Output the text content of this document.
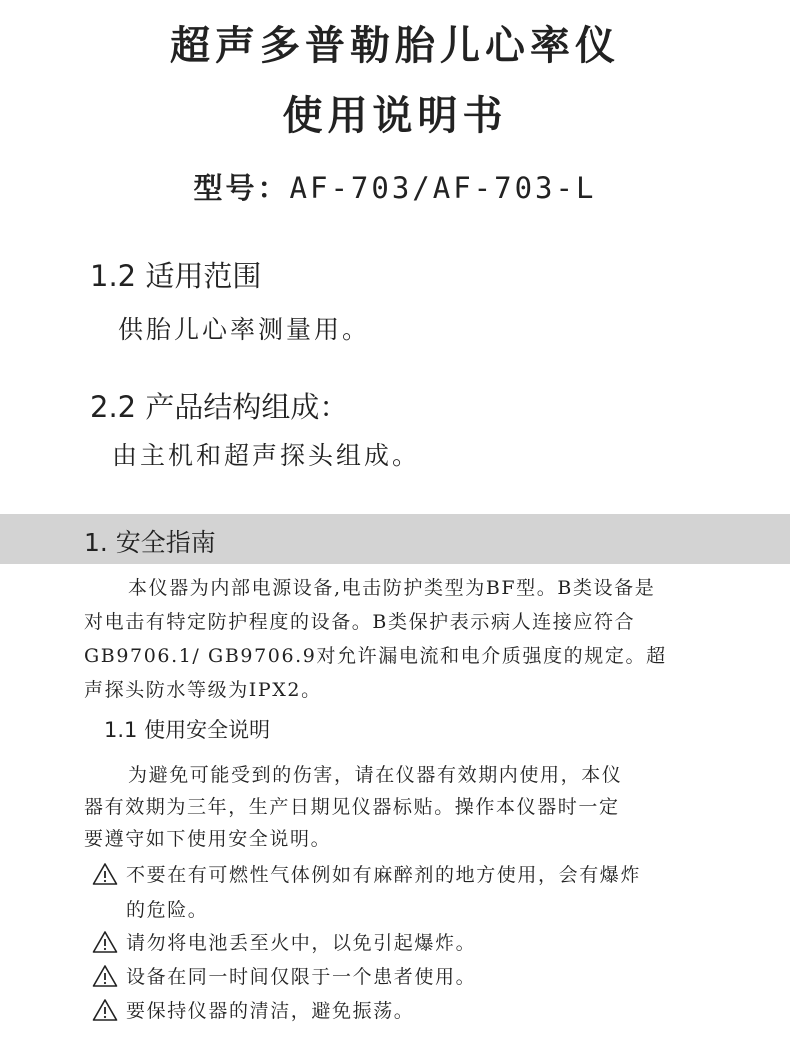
超声多普勒胎儿心率仪
使用说明书
型号：AF-703/AF-703-L
1.2 适用范围
供胎儿心率测量用。
2.2 产品结构组成：
由主机和超声探头组成。
1. 安全指南
本仪器为内部电源设备,电击防护类型为BF型。B类设备是
对电击有特定防护程度的设备。B类保护表示病人连接应符合
GB9706.1/ GB9706.9对允许漏电流和电介质强度的规定。超
声探头防水等级为IPX2。
1.1 使用安全说明
为避免可能受到的伤害，请在仪器有效期内使用，本仪
器有效期为三年，生产日期见仪器标贴。操作本仪器时一定
要遵守如下使用安全说明。
不要在有可燃性气体例如有麻醉剂的地方使用，会有爆炸
的危险。
请勿将电池丢至火中，以免引起爆炸。
设备在同一时间仅限于一个患者使用。
要保持仪器的清洁，避免振荡。
